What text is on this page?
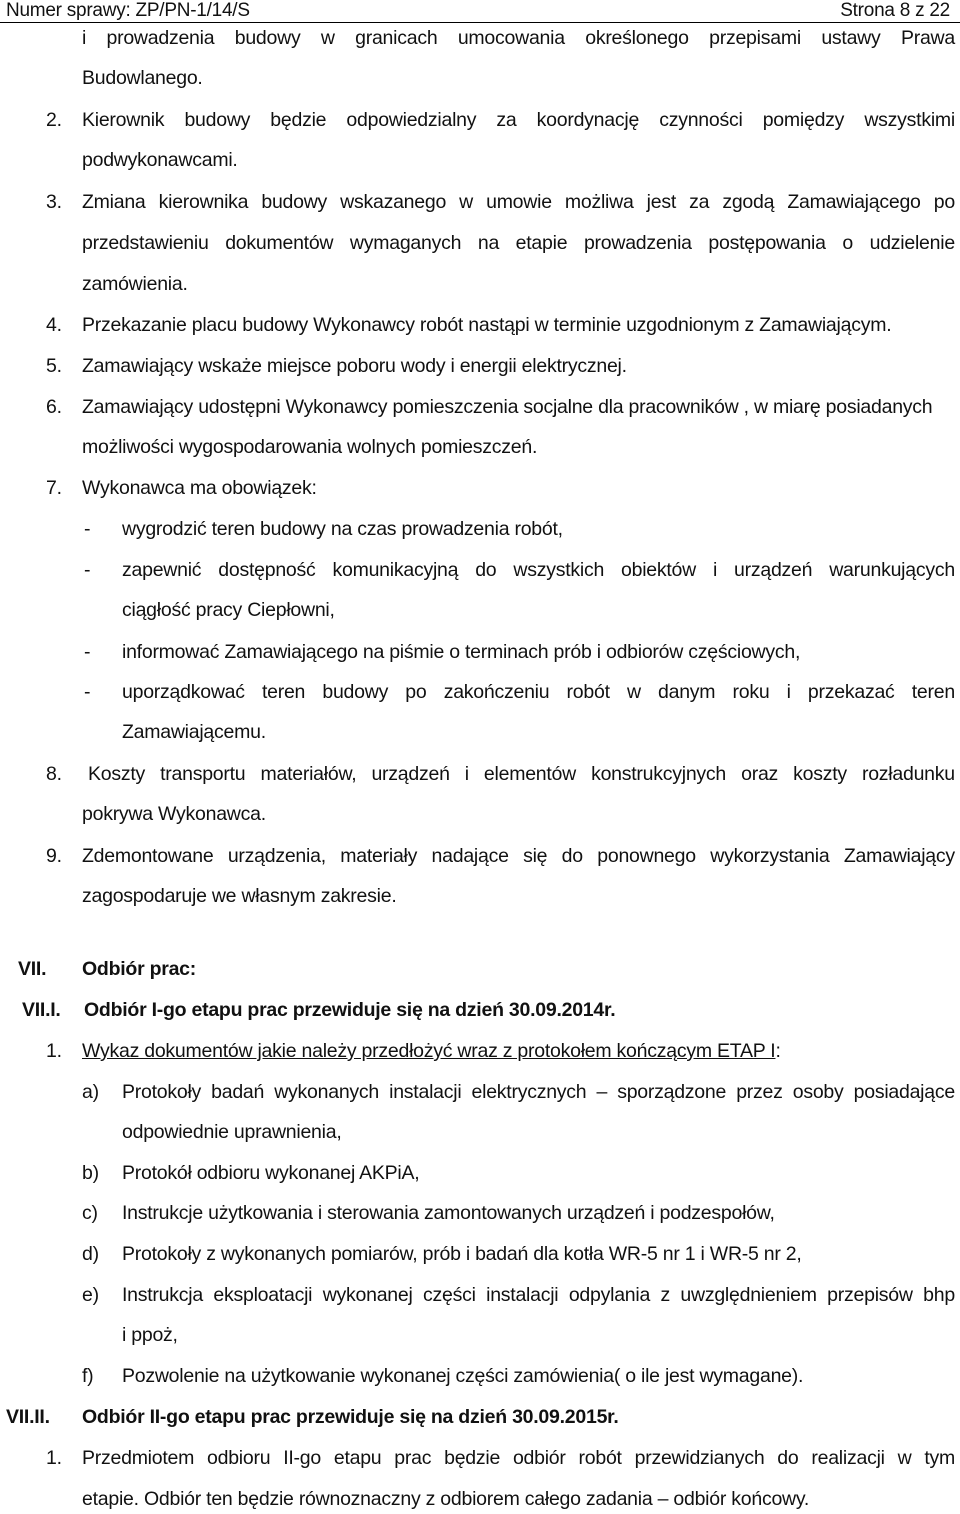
Numer sprawy: ZP/PN-1/14/S	Strona 8 z 22
i prowadzenia budowy w granicach umocowania określonego przepisami ustawy Prawa
Budowlanego.
2. Kierownik budowy będzie odpowiedzialny za koordynację czynności pomiędzy wszystkimi
podwykonawcami.
3. Zmiana kierownika budowy wskazanego w umowie możliwa jest za zgodą Zamawiającego po
przedstawieniu dokumentów wymaganych na etapie prowadzenia postępowania o udzielenie
zamówienia.
4. Przekazanie placu budowy Wykonawcy robót nastąpi w terminie uzgodnionym z Zamawiającym.
5. Zamawiający wskaże miejsce poboru wody i energii elektrycznej.
6. Zamawiający udostępni Wykonawcy pomieszczenia socjalne dla pracowników , w miarę posiadanych
możliwości wygospodarowania wolnych pomieszczeń.
7. Wykonawca ma obowiązek:
- wygrodzić teren budowy na czas prowadzenia robót,
- zapewnić dostępność komunikacyjną do wszystkich obiektów i urządzeń warunkujących
ciągłość pracy Ciepłowni,
- informować Zamawiającego na piśmie o terminach prób i odbiorów częściowych,
- uporządkować teren budowy po zakończeniu robót w danym roku i przekazać teren
Zamawiającemu.
8. Koszty transportu materiałów, urządzeń i elementów konstrukcyjnych oraz koszty rozładunku
pokrywa Wykonawca.
9. Zdemontowane urządzenia, materiały nadające się do ponownego wykorzystania Zamawiający
zagospodaruje we własnym zakresie.
VII. Odbiór prac:
VII.I. Odbiór I-go etapu prac przewiduje się na dzień 30.09.2014r.
1. Wykaz dokumentów jakie należy przedłożyć wraz z protokołem kończącym ETAP I:
a) Protokoły badań wykonanych instalacji elektrycznych – sporządzone przez osoby posiadające
odpowiednie uprawnienia,
b) Protokół odbioru wykonanej AKPiA,
c) Instrukcje użytkowania i sterowania zamontowanych urządzeń i podzespołów,
d) Protokoły z wykonanych pomiarów, prób i badań dla kotła WR-5 nr 1 i WR-5 nr 2,
e) Instrukcja eksploatacji wykonanej części instalacji odpylania z uwzględnieniem przepisów bhp
i ppoż,
f) Pozwolenie na użytkowanie wykonanej części zamówienia( o ile jest wymagane).
VII.II. Odbiór II-go etapu prac przewiduje się na dzień 30.09.2015r.
1. Przedmiotem odbioru II-go etapu prac będzie odbiór robót przewidzianych do realizacji w tym
etapie. Odbiór ten będzie równoznaczny z odbiorem całego zadania – odbiór końcowy.
